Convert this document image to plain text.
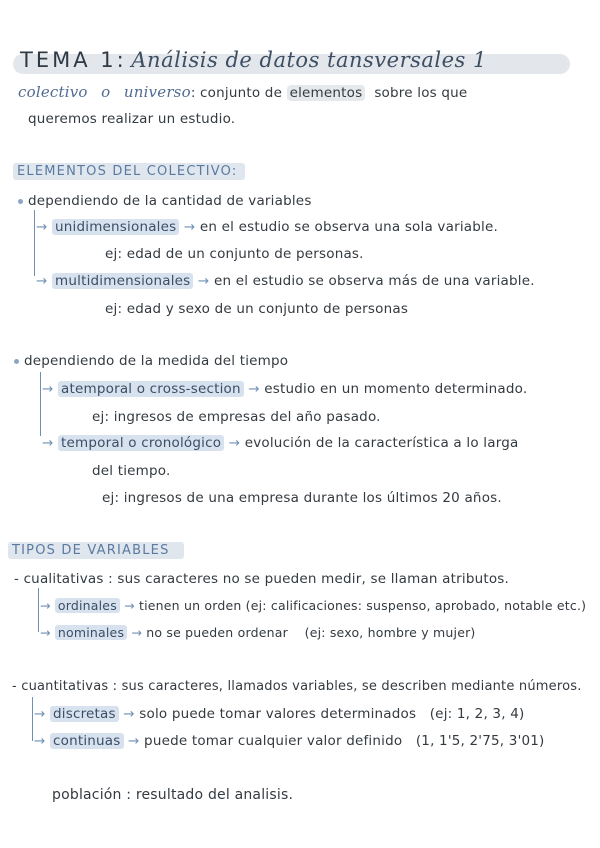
TEMA 1: Análisis de datos tansversales 1
colectivo o universo: conjunto de elementos sobre los que
queremos realizar un estudio.
ELEMENTOS DEL COLECTIVO:
dependiendo de la cantidad de variables
→ unidimensionales → en el estudio se observa una sola variable.
ej: edad de un conjunto de personas.
→ multidimensionales → en el estudio se observa más de una variable.
ej: edad y sexo de un conjunto de personas
dependiendo de la medida del tiempo
→ atemporal o cross-section → estudio en un momento determinado.
ej: ingresos de empresas del año pasado.
→ temporal o cronológico → evolución de la característica a lo larga
del tiempo.
ej: ingresos de una empresa durante los últimos 20 años.
TIPOS DE VARIABLES
- cualitativas : sus caracteres no se pueden medir, se llaman atributos.
→ ordinales → tienen un orden (ej: calificaciones: suspenso, aprobado, notable etc.)
→ nominales → no se pueden ordenar (ej: sexo, hombre y mujer)
- cuantitativas : sus caracteres, llamados variables, se describen mediante números.
→ discretas → solo puede tomar valores determinados (ej: 1, 2, 3, 4)
→ continuas → puede tomar cualquier valor definido (1, 1'5, 2'75, 3'01)
población : resultado del analisis.
